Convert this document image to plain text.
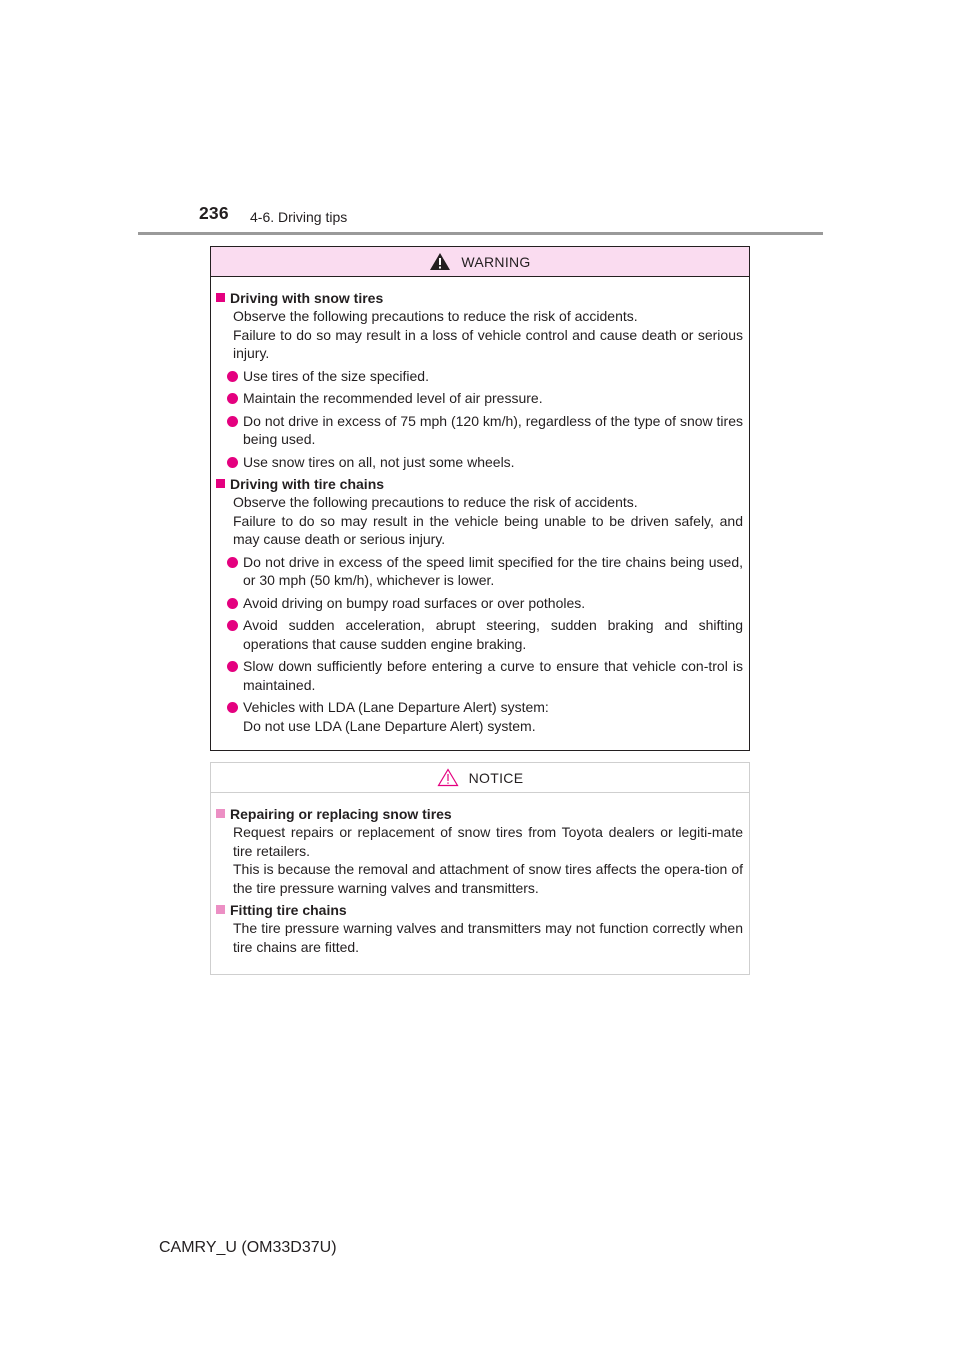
236 4-6. Driving tips
WARNING
Driving with snow tires
Observe the following precautions to reduce the risk of accidents.
Failure to do so may result in a loss of vehicle control and cause death or serious injury.
Use tires of the size specified.
Maintain the recommended level of air pressure.
Do not drive in excess of 75 mph (120 km/h), regardless of the type of snow tires being used.
Use snow tires on all, not just some wheels.
Driving with tire chains
Observe the following precautions to reduce the risk of accidents.
Failure to do so may result in the vehicle being unable to be driven safely, and may cause death or serious injury.
Do not drive in excess of the speed limit specified for the tire chains being used, or 30 mph (50 km/h), whichever is lower.
Avoid driving on bumpy road surfaces or over potholes.
Avoid sudden acceleration, abrupt steering, sudden braking and shifting operations that cause sudden engine braking.
Slow down sufficiently before entering a curve to ensure that vehicle con-trol is maintained.
Vehicles with LDA (Lane Departure Alert) system:
Do not use LDA (Lane Departure Alert) system.
NOTICE
Repairing or replacing snow tires
Request repairs or replacement of snow tires from Toyota dealers or legiti-mate tire retailers.
This is because the removal and attachment of snow tires affects the opera-tion of the tire pressure warning valves and transmitters.
Fitting tire chains
The tire pressure warning valves and transmitters may not function correctly when tire chains are fitted.
CAMRY_U (OM33D37U)
